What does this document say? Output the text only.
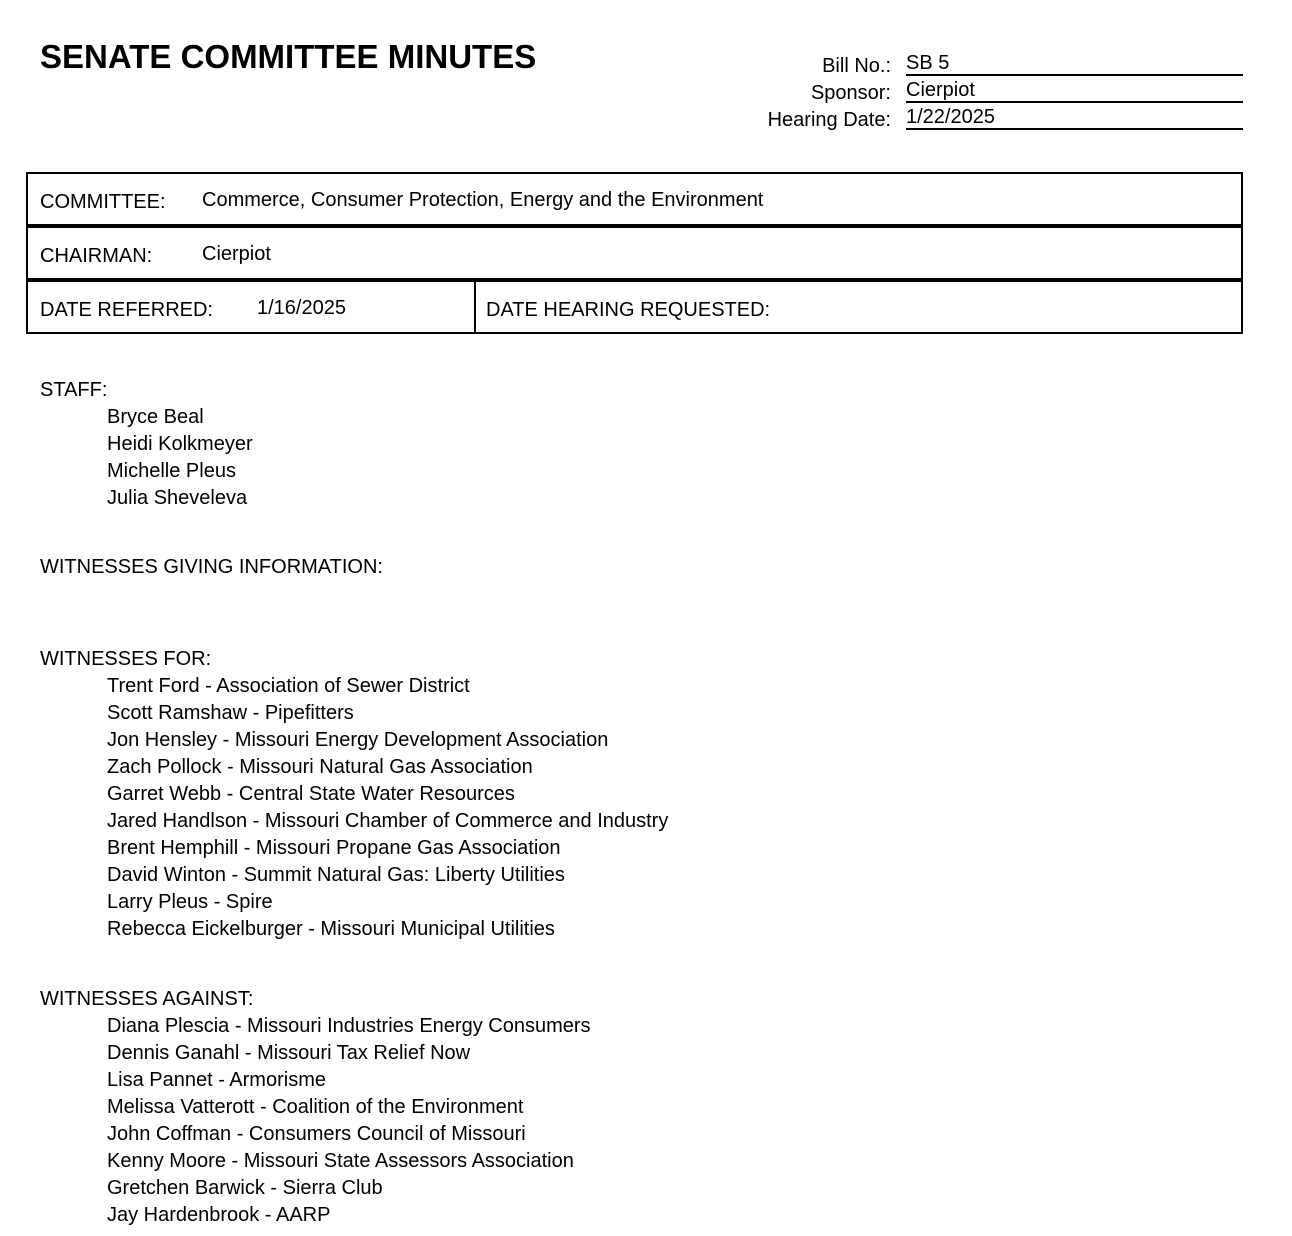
SENATE COMMITTEE MINUTES	Bill No.: SB 5
Sponsor: Cierpiot
Hearing Date: 1/22/2025
COMMITTEE: Commerce, Consumer Protection, Energy and the Environment
CHAIRMAN: Cierpiot
DATE REFERRED: 1/16/2025	DATE HEARING REQUESTED:
STAFF:
Bryce Beal
Heidi Kolkmeyer
Michelle Pleus
Julia Sheveleva
WITNESSES GIVING INFORMATION:
WITNESSES FOR:
Trent Ford - Association of Sewer District
Scott Ramshaw - Pipefitters
Jon Hensley - Missouri Energy Development Association
Zach Pollock - Missouri Natural Gas Association
Garret Webb - Central State Water Resources
Jared Handlson - Missouri Chamber of Commerce and Industry
Brent Hemphill - Missouri Propane Gas Association
David Winton - Summit Natural Gas: Liberty Utilities
Larry Pleus - Spire
Rebecca Eickelburger - Missouri Municipal Utilities
WITNESSES AGAINST:
Diana Plescia - Missouri Industries Energy Consumers
Dennis Ganahl - Missouri Tax Relief Now
Lisa Pannet - Armorisme
Melissa Vatterott - Coalition of the Environment
John Coffman - Consumers Council of Missouri
Kenny Moore - Missouri State Assessors Association
Gretchen Barwick - Sierra Club
Jay Hardenbrook - AARP
